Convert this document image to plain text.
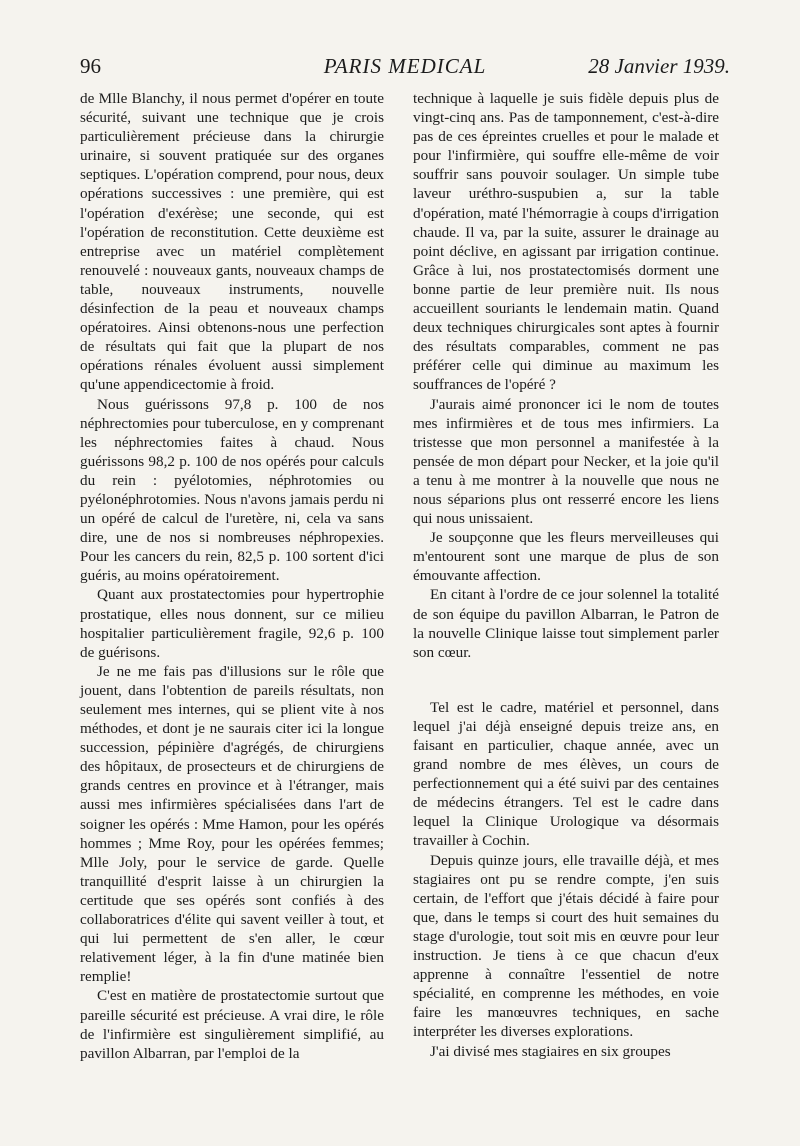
96	PARIS MEDICAL	28 Janvier 1939.

de Mlle Blanchy, il nous permet d'opérer en toute sécurité, suivant une technique que je crois particulièrement précieuse dans la chirurgie urinaire, si souvent pratiquée sur des organes septiques. L'opération comprend, pour nous, deux opérations successives : une première, qui est l'opération d'exérèse; une seconde, qui est l'opération de reconstitution. Cette deuxième est entreprise avec un matériel complètement renouvelé : nouveaux gants, nouveaux champs de table, nouveaux instruments, nouvelle désinfection de la peau et nouveaux champs opératoires. Ainsi obtenons-nous une perfection de résultats qui fait que la plupart de nos opérations rénales évoluent aussi simplement qu'une appendicectomie à froid.

Nous guérissons 97,8 p. 100 de nos néphrectomies pour tuberculose, en y comprenant les néphrectomies faites à chaud. Nous guérissons 98,2 p. 100 de nos opérés pour calculs du rein : pyélotomies, néphrotomies ou pyélonéphrotomies. Nous n'avons jamais perdu ni un opéré de calcul de l'uretère, ni, cela va sans dire, une de nos si nombreuses néphropexies. Pour les cancers du rein, 82,5 p. 100 sortent d'ici guéris, au moins opératoirement.

Quant aux prostatectomies pour hypertrophie prostatique, elles nous donnent, sur ce milieu hospitalier particulièrement fragile, 92,6 p. 100 de guérisons.

Je ne me fais pas d'illusions sur le rôle que jouent, dans l'obtention de pareils résultats, non seulement mes internes, qui se plient vite à nos méthodes, et dont je ne saurais citer ici la longue succession, pépinière d'agrégés, de chirurgiens des hôpitaux, de prosecteurs et de chirurgiens de grands centres en province et à l'étranger, mais aussi mes infirmières spécialisées dans l'art de soigner les opérés : Mme Hamon, pour les opérés hommes ; Mme Roy, pour les opérées femmes; Mlle Joly, pour le service de garde. Quelle tranquillité d'esprit laisse à un chirurgien la certitude que ses opérés sont confiés à des collaboratrices d'élite qui savent veiller à tout, et qui lui permettent de s'en aller, le cœur relativement léger, à la fin d'une matinée bien remplie!

C'est en matière de prostatectomie surtout que pareille sécurité est précieuse. A vrai dire, le rôle de l'infirmière est singulièrement simplifié, au pavillon Albarran, par l'emploi de la

technique à laquelle je suis fidèle depuis plus de vingt-cinq ans. Pas de tamponnement, c'est-à-dire pas de ces épreintes cruelles et pour le malade et pour l'infirmière, qui souffre elle-même de voir souffrir sans pouvoir soulager. Un simple tube laveur uréthro-suspubien a, sur la table d'opération, maté l'hémorragie à coups d'irrigation chaude. Il va, par la suite, assurer le drainage au point déclive, en agissant par irrigation continue. Grâce à lui, nos prostatectomisés dorment une bonne partie de leur première nuit. Ils nous accueillent souriants le lendemain matin. Quand deux techniques chirurgicales sont aptes à fournir des résultats comparables, comment ne pas préférer celle qui diminue au maximum les souffrances de l'opéré ?

J'aurais aimé prononcer ici le nom de toutes mes infirmières et de tous mes infirmiers. La tristesse que mon personnel a manifestée à la pensée de mon départ pour Necker, et la joie qu'il a tenu à me montrer à la nouvelle que nous ne nous séparions plus ont resserré encore les liens qui nous unissaient.

Je soupçonne que les fleurs merveilleuses qui m'entourent sont une marque de plus de son émouvante affection.

En citant à l'ordre de ce jour solennel la totalité de son équipe du pavillon Albarran, le Patron de la nouvelle Clinique laisse tout simplement parler son cœur.

Tel est le cadre, matériel et personnel, dans lequel j'ai déjà enseigné depuis treize ans, en faisant en particulier, chaque année, avec un grand nombre de mes élèves, un cours de perfectionnement qui a été suivi par des centaines de médecins étrangers. Tel est le cadre dans lequel la Clinique Urologique va désormais travailler à Cochin.

Depuis quinze jours, elle travaille déjà, et mes stagiaires ont pu se rendre compte, j'en suis certain, de l'effort que j'étais décidé à faire pour que, dans le temps si court des huit semaines du stage d'urologie, tout soit mis en œuvre pour leur instruction. Je tiens à ce que chacun d'eux apprenne à connaître l'essentiel de notre spécialité, en comprenne les méthodes, en voie faire les manœuvres techniques, en sache interpréter les diverses explorations.

J'ai divisé mes stagiaires en six groupes
